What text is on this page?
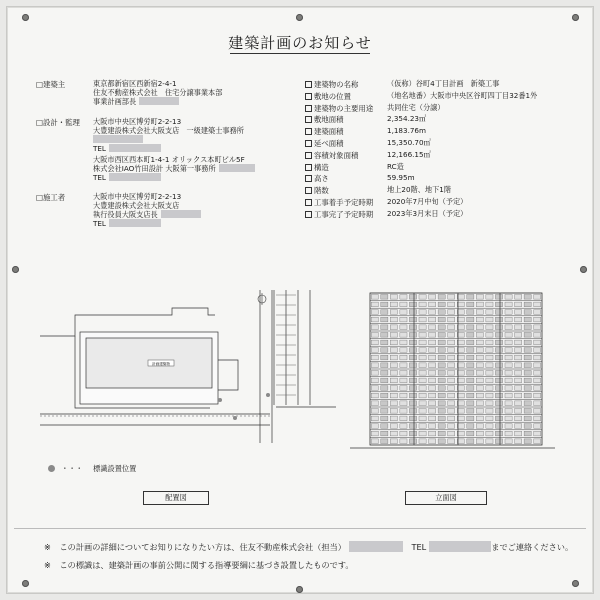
建築計画のお知らせ
□建築主	東京都新宿区西新宿2-4-1
住友不動産株式会社　住宅分譲事業本部
事業計画部長
□設計・監理 大阪市中央区博労町2-2-13
大豊建設株式会社大阪支店　一級建築士事務所
TEL
大阪市西区西本町1-4-1 オリックス本町ビル5F
株式会社IAO竹田設計 大阪第一事務所
TEL
□施工者	大阪市中央区博労町2-2-13
大豊建設株式会社大阪支店
執行役員大阪支店長
TEL
建築物の名称	（仮称）谷町4丁目計画　新築工事
敷地の位置	（地名地番）大阪市中央区谷町四丁目32番1外
建築物の主要用途 共同住宅（分譲）
敷地面積	2,354.23㎡
建築面積	1,183.76m
延べ面積	15,350.70㎡
容積対象面積	12,166.15㎡
構造	RC造
高さ	59.95m
階数	地上20階、地下1階
工事着手予定時期 2020年7月中旬（予定）
工事完了予定時期 2023年3月末日（予定）
計画建築物
・・・ 標識設置位置
配置図	立面図
※ この計画の詳細についてお知りになりたい方は、住友不動産株式会社（担当）	TEL	までご連絡ください。
※ この標識は、建築計画の事前公開に関する指導要綱に基づき設置したものです。
